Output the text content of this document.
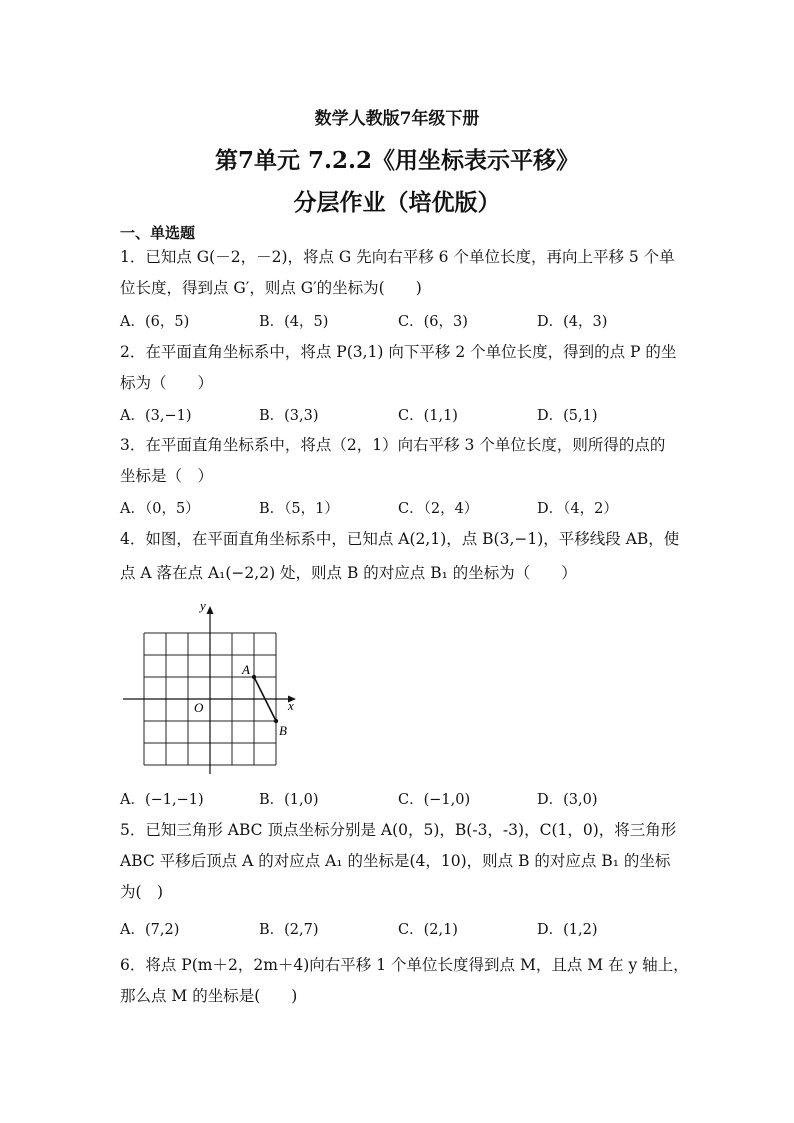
数学人教版7年级下册
第7单元 7.2.2《用坐标表示平移》
分层作业（培优版）
一、单选题
1．已知点 G(－2，－2)，将点 G 先向右平移 6 个单位长度，再向上平移 5 个单
位长度，得到点 G′，则点 G′的坐标为(　　)
A．(6，5)	B．(4，5)	C．(6，3)	D．(4，3)
2．在平面直角坐标系中，将点 P(3,1) 向下平移 2 个单位长度，得到的点 P 的坐
标为（　　）
A．(3,−1)	B．(3,3)	C．(1,1)	D．(5,1)
3．在平面直角坐标系中，将点（2，1）向右平移 3 个单位长度，则所得的点的
坐标是（　）
A．（0，5）	B．（5，1）	C．（2，4）	D．（4，2）
4．如图，在平面直角坐标系中，已知点 A(2,1)，点 B(3,−1)，平移线段 AB，使
点 A 落在点 A₁(−2,2) 处，则点 B 的对应点 B₁ 的坐标为（　　）
y
x
O
A
B
A．(−1,−1)	B．(1,0)	C．(−1,0)	D．(3,0)
5．已知三角形 ABC 顶点坐标分别是 A(0，5)，B(-3，-3)，C(1，0)，将三角形
ABC 平移后顶点 A 的对应点 A₁ 的坐标是(4，10)，则点 B 的对应点 B₁ 的坐标
为(　)
A．(7,2)	B．(2,7)	C．(2,1)	D．(1,2)
6．将点 P(m＋2，2m＋4)向右平移 1 个单位长度得到点 M，且点 M 在 y 轴上，
那么点 M 的坐标是(　　)
